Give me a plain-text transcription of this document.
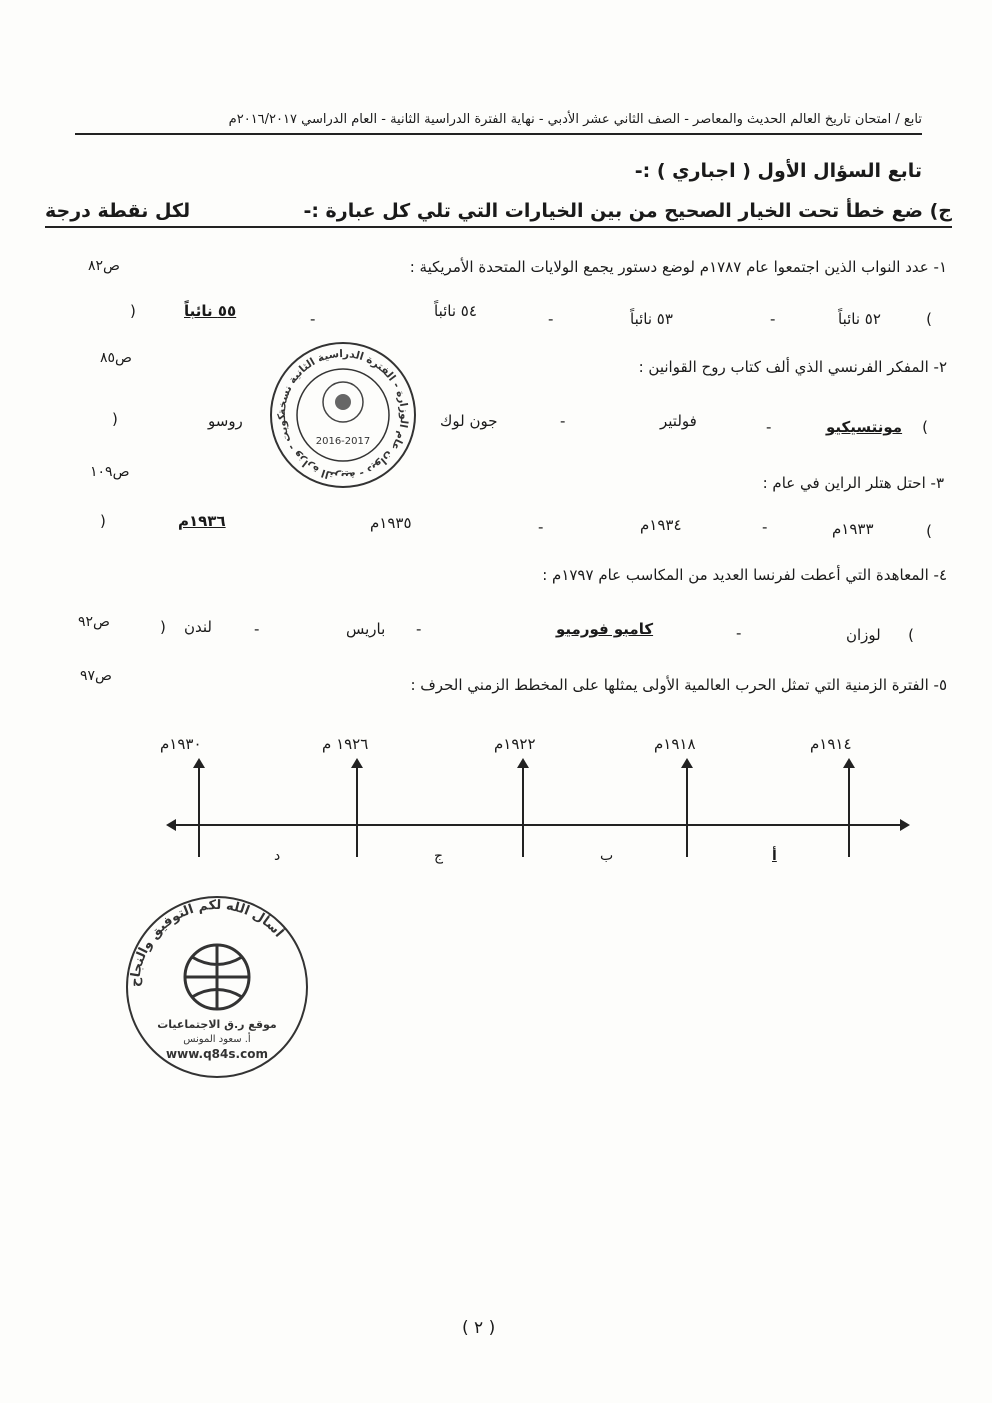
تابع / امتحان تاريخ العالم الحديث والمعاصر - الصف الثاني عشر الأدبي - نهاية الفترة الدراسية الثانية - العام الدراسي ٢٠١٦/٢٠١٧م
تابع السؤال الأول ( اجباري ) :-
ج) ضع خطأ تحت الخيار الصحيح من بين الخيارات التي تلي كل عبارة :-
لكل نقطة درجة
١- عدد النواب الذين اجتمعوا عام ١٧٨٧م لوضع دستور يجمع الولايات المتحدة الأمريكية :
ص٨٢
(
٥٢ نائباً
-
٥٣ نائباً
-
٥٤ نائباً
-
٥٥ نائباً
)
٢- المفكر الفرنسي الذي ألف كتاب روح القوانين :
ص٨٥
(
مونتسيكيو
-
فولتير
-
جون لوك
روسو
)
٣- احتل هتلر الراين في عام :
ص١٠٩
(
١٩٣٣م
-
١٩٣٤م
-
١٩٣٥م
١٩٣٦م
)
٤- المعاهدة التي أعطت لفرنسا العديد من المكاسب عام ١٧٩٧م :
(
لوزان
-
كامبو فورميو
باريس -
-
لندن
)
ص٩٢
٥- الفترة الزمنية التي تمثل الحرب العالمية الأولى يمثلها على المخطط الزمني الحرف :
ص٩٧
١٩١٤م
١٩١٨م
١٩٢٢م
١٩٢٦ م
١٩٣٠م
أ
ب
ج
د
كويت - وزارة التربية - ديوان عام الوزارة - الفترة الدراسية الثانية نسخة
2016-2017
أسأل الله لكم التوفيق والنجاح
موقع ر.ق الاجتماعيات
أ. سعود المونس
www.q84s.com
( ٢ )
